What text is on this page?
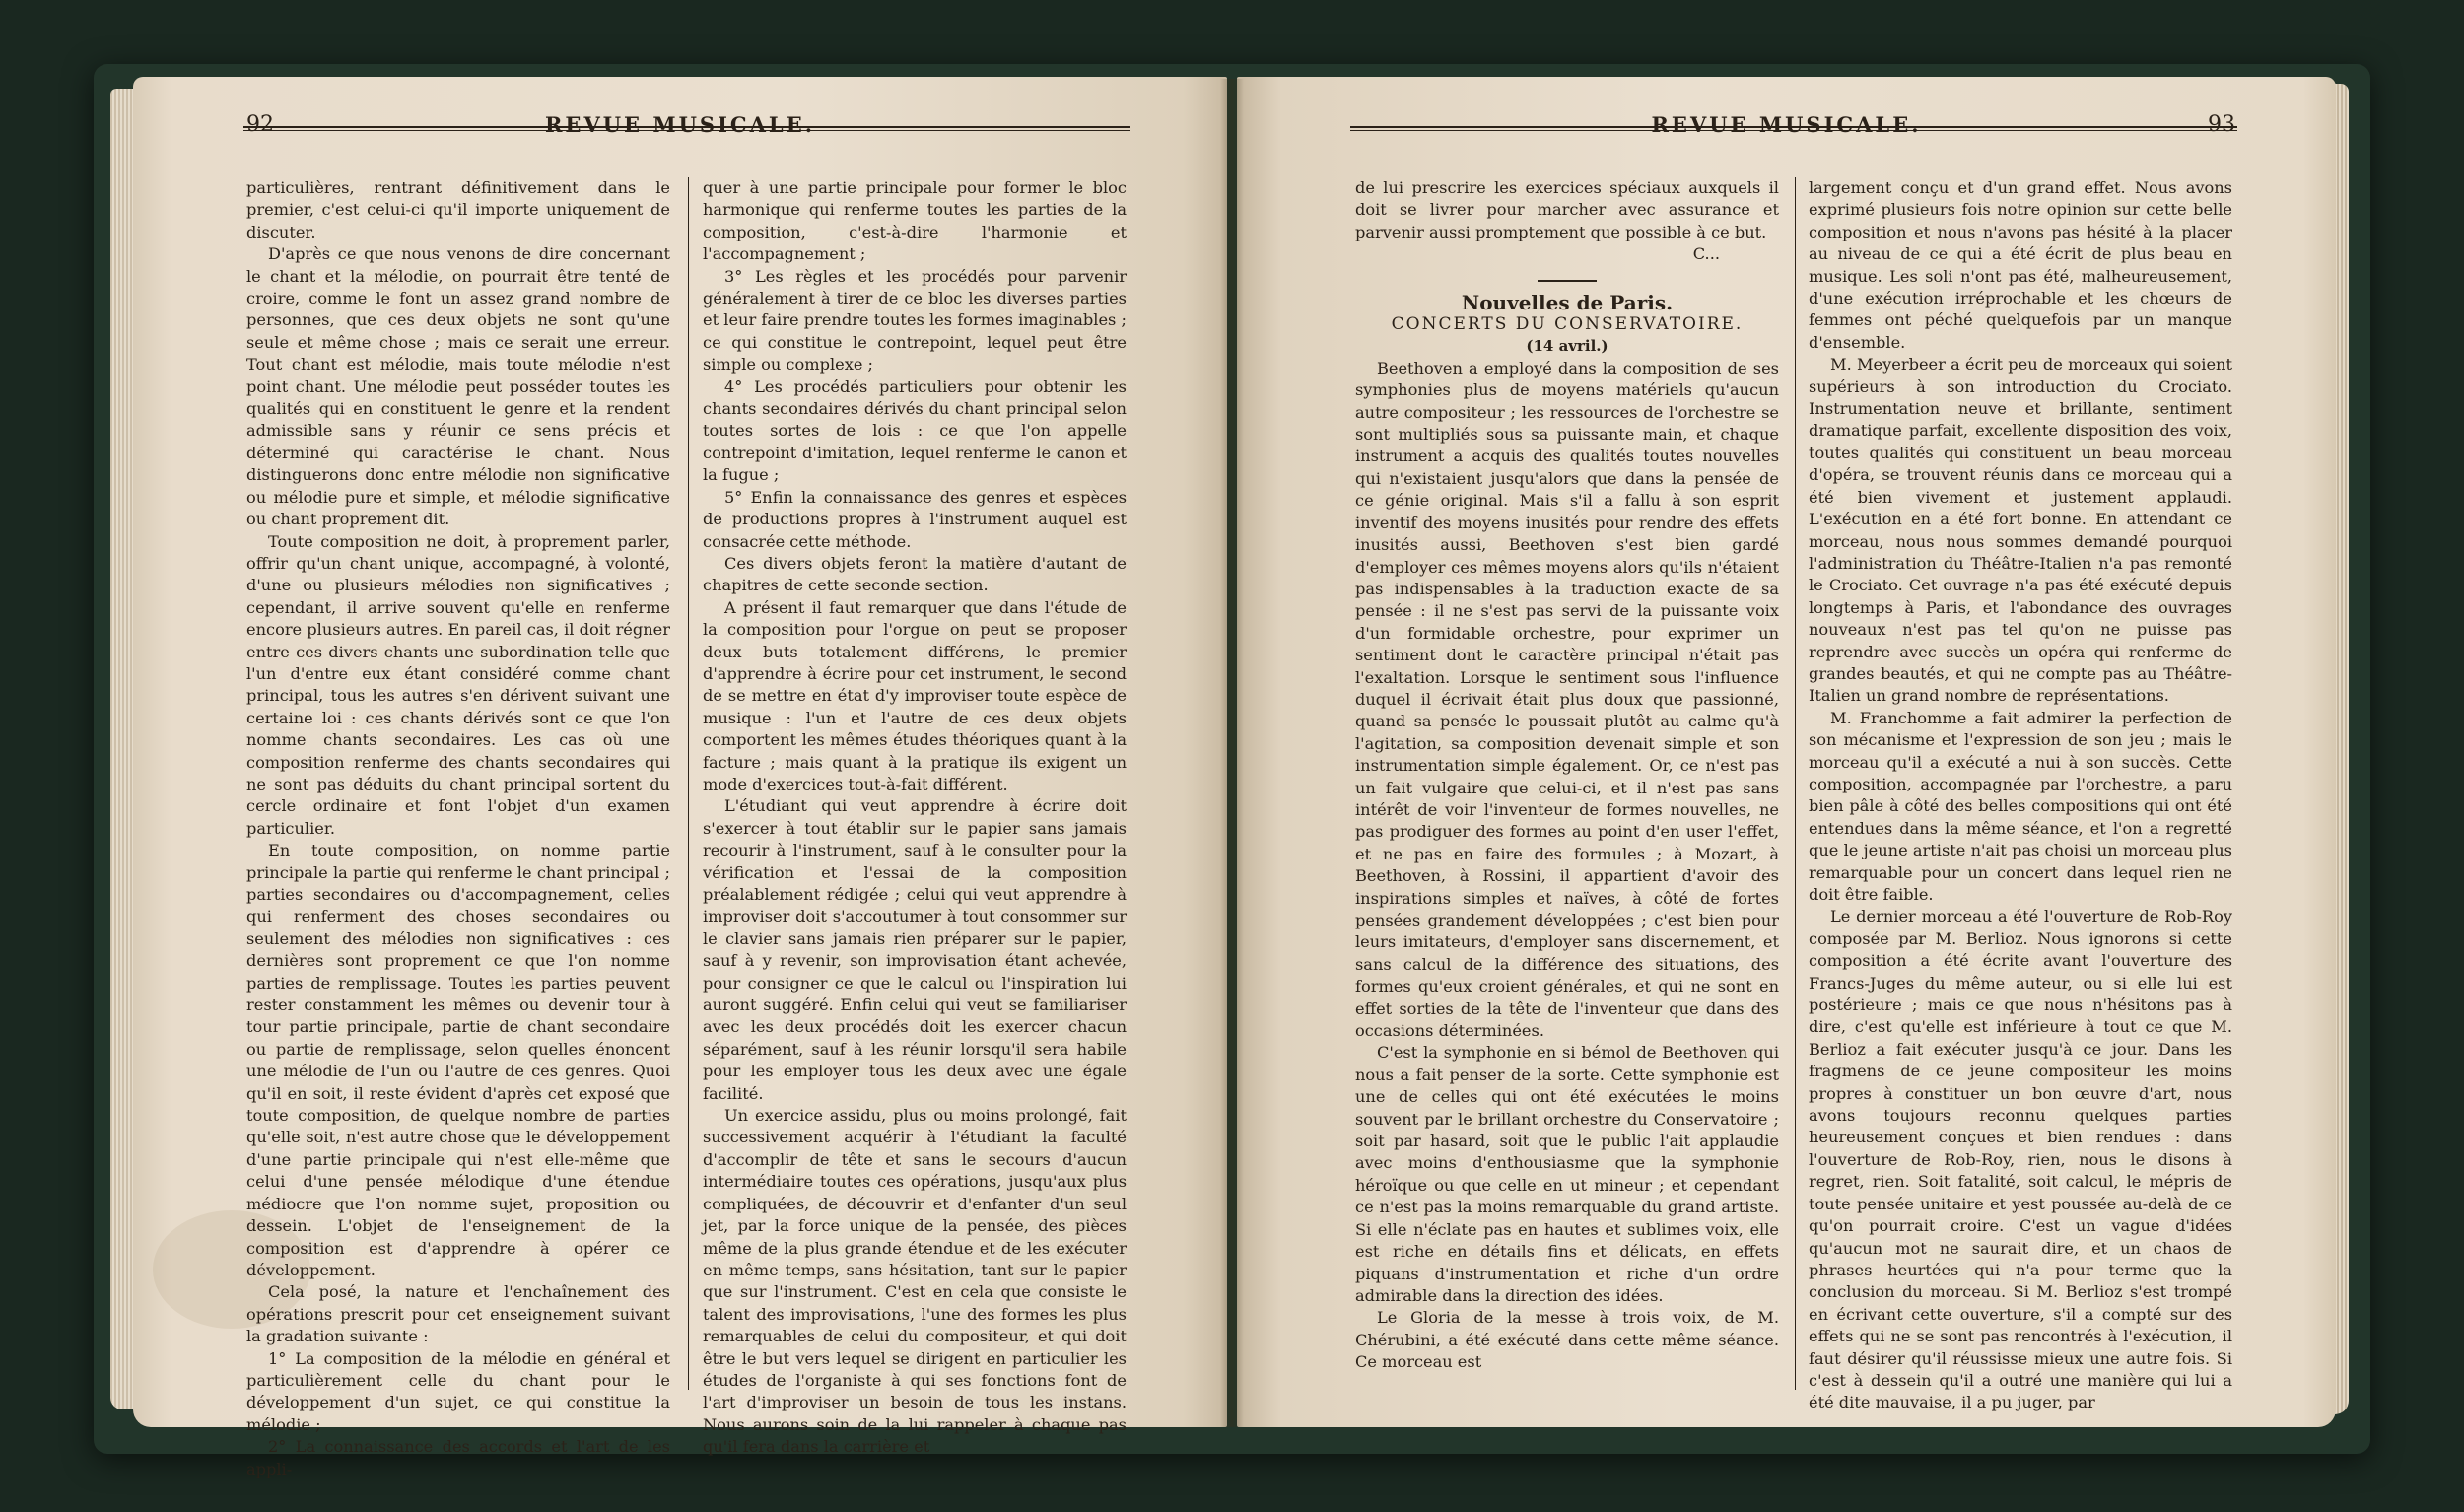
92	REVUE MUSICALE.

particulières, rentrant définitivement dans le premier, c'est celui-ci qu'il importe uniquement de discuter.

D'après ce que nous venons de dire concernant le chant et la mélodie, on pourrait être tenté de croire, comme le font un assez grand nombre de personnes, que ces deux objets ne sont qu'une seule et même chose ; mais ce serait une erreur. Tout chant est mélodie, mais toute mélodie n'est point chant. Une mélodie peut posséder toutes les qualités qui en constituent le genre et la rendent admissible sans y réunir ce sens précis et déterminé qui caractérise le chant. Nous distinguerons donc entre mélodie non significative ou mélodie pure et simple, et mélodie significative ou chant proprement dit.

Toute composition ne doit, à proprement parler, offrir qu'un chant unique, accompagné, à volonté, d'une ou plusieurs mélodies non significatives ; cependant, il arrive souvent qu'elle en renferme encore plusieurs autres. En pareil cas, il doit régner entre ces divers chants une subordination telle que l'un d'entre eux étant considéré comme chant principal, tous les autres s'en dérivent suivant une certaine loi : ces chants dérivés sont ce que l'on nomme chants secondaires. Les cas où une composition renferme des chants secondaires qui ne sont pas déduits du chant principal sortent du cercle ordinaire et font l'objet d'un examen particulier.

En toute composition, on nomme partie principale la partie qui renferme le chant principal ; parties secondaires ou d'accompagnement, celles qui renferment des choses secondaires ou seulement des mélodies non significatives : ces dernières sont proprement ce que l'on nomme parties de remplissage. Toutes les parties peuvent rester constamment les mêmes ou devenir tour à tour partie principale, partie de chant secondaire ou partie de remplissage, selon quelles énoncent une mélodie de l'un ou l'autre de ces genres. Quoi qu'il en soit, il reste évident d'après cet exposé que toute composition, de quelque nombre de parties qu'elle soit, n'est autre chose que le développement d'une partie principale qui n'est elle-même que celui d'une pensée mélodique d'une étendue médiocre que l'on nomme sujet, proposition ou dessein. L'objet de l'enseignement de la composition est d'apprendre à opérer ce développement.

Cela posé, la nature et l'enchaînement des opérations prescrit pour cet enseignement suivant la gradation suivante :

1° La composition de la mélodie en général et particulièrement celle du chant pour le développement d'un sujet, ce qui constitue la mélodie ;

2° La connaissance des accords et l'art de les appli-

quer à une partie principale pour former le bloc harmonique qui renferme toutes les parties de la composition, c'est-à-dire l'harmonie et l'accompagnement ;

3° Les règles et les procédés pour parvenir généralement à tirer de ce bloc les diverses parties et leur faire prendre toutes les formes imaginables ; ce qui constitue le contrepoint, lequel peut être simple ou complexe ;

4° Les procédés particuliers pour obtenir les chants secondaires dérivés du chant principal selon toutes sortes de lois : ce que l'on appelle contrepoint d'imitation, lequel renferme le canon et la fugue ;

5° Enfin la connaissance des genres et espèces de productions propres à l'instrument auquel est consacrée cette méthode.

Ces divers objets feront la matière d'autant de chapitres de cette seconde section.

A présent il faut remarquer que dans l'étude de la composition pour l'orgue on peut se proposer deux buts totalement différens, le premier d'apprendre à écrire pour cet instrument, le second de se mettre en état d'y improviser toute espèce de musique : l'un et l'autre de ces deux objets comportent les mêmes études théoriques quant à la facture ; mais quant à la pratique ils exigent un mode d'exercices tout-à-fait différent.

L'étudiant qui veut apprendre à écrire doit s'exercer à tout établir sur le papier sans jamais recourir à l'instrument, sauf à le consulter pour la vérification et l'essai de la composition préalablement rédigée ; celui qui veut apprendre à improviser doit s'accoutumer à tout consommer sur le clavier sans jamais rien préparer sur le papier, sauf à y revenir, son improvisation étant achevée, pour consigner ce que le calcul ou l'inspiration lui auront suggéré. Enfin celui qui veut se familiariser avec les deux procédés doit les exercer chacun séparément, sauf à les réunir lorsqu'il sera habile pour les employer tous les deux avec une égale facilité.

Un exercice assidu, plus ou moins prolongé, fait successivement acquérir à l'étudiant la faculté d'accomplir de tête et sans le secours d'aucun intermédiaire toutes ces opérations, jusqu'aux plus compliquées, de découvrir et d'enfanter d'un seul jet, par la force unique de la pensée, des pièces même de la plus grande étendue et de les exécuter en même temps, sans hésitation, tant sur le papier que sur l'instrument. C'est en cela que consiste le talent des improvisations, l'une des formes les plus remarquables de celui du compositeur, et qui doit être le but vers lequel se dirigent en particulier les études de l'organiste à qui ses fonctions font de l'art d'improviser un besoin de tous les instans. Nous aurons soin de la lui rappeler à chaque pas qu'il fera dans la carrière et

REVUE MUSICALE.	93

de lui prescrire les exercices spéciaux auxquels il doit se livrer pour marcher avec assurance et parvenir aussi promptement que possible à ce but.

C...

Nouvelles de Paris.

CONCERTS DU CONSERVATOIRE.

(14 avril.)

Beethoven a employé dans la composition de ses symphonies plus de moyens matériels qu'aucun autre compositeur ; les ressources de l'orchestre se sont multipliés sous sa puissante main, et chaque instrument a acquis des qualités toutes nouvelles qui n'existaient jusqu'alors que dans la pensée de ce génie original. Mais s'il a fallu à son esprit inventif des moyens inusités pour rendre des effets inusités aussi, Beethoven s'est bien gardé d'employer ces mêmes moyens alors qu'ils n'étaient pas indispensables à la traduction exacte de sa pensée : il ne s'est pas servi de la puissante voix d'un formidable orchestre, pour exprimer un sentiment dont le caractère principal n'était pas l'exaltation. Lorsque le sentiment sous l'influence duquel il écrivait était plus doux que passionné, quand sa pensée le poussait plutôt au calme qu'à l'agitation, sa composition devenait simple et son instrumentation simple également. Or, ce n'est pas un fait vulgaire que celui-ci, et il n'est pas sans intérêt de voir l'inventeur de formes nouvelles, ne pas prodiguer des formes au point d'en user l'effet, et ne pas en faire des formules ; à Mozart, à Beethoven, à Rossini, il appartient d'avoir des inspirations simples et naïves, à côté de fortes pensées grandement développées ; c'est bien pour leurs imitateurs, d'employer sans discernement, et sans calcul de la différence des situations, des formes qu'eux croient générales, et qui ne sont en effet sorties de la tête de l'inventeur que dans des occasions déterminées.

C'est la symphonie en si bémol de Beethoven qui nous a fait penser de la sorte. Cette symphonie est une de celles qui ont été exécutées le moins souvent par le brillant orchestre du Conservatoire ; soit par hasard, soit que le public l'ait applaudie avec moins d'enthousiasme que la symphonie héroïque ou que celle en ut mineur ; et cependant ce n'est pas la moins remarquable du grand artiste. Si elle n'éclate pas en hautes et sublimes voix, elle est riche en détails fins et délicats, en effets piquans d'instrumentation et riche d'un ordre admirable dans la direction des idées.

Le Gloria de la messe à trois voix, de M. Chérubini, a été exécuté dans cette même séance. Ce morceau est

largement conçu et d'un grand effet. Nous avons exprimé plusieurs fois notre opinion sur cette belle composition et nous n'avons pas hésité à la placer au niveau de ce qui a été écrit de plus beau en musique. Les soli n'ont pas été, malheureusement, d'une exécution irréprochable et les chœurs de femmes ont péché quelquefois par un manque d'ensemble.

M. Meyerbeer a écrit peu de morceaux qui soient supérieurs à son introduction du Crociato. Instrumentation neuve et brillante, sentiment dramatique parfait, excellente disposition des voix, toutes qualités qui constituent un beau morceau d'opéra, se trouvent réunis dans ce morceau qui a été bien vivement et justement applaudi. L'exécution en a été fort bonne. En attendant ce morceau, nous nous sommes demandé pourquoi l'administration du Théâtre-Italien n'a pas remonté le Crociato. Cet ouvrage n'a pas été exécuté depuis longtemps à Paris, et l'abondance des ouvrages nouveaux n'est pas tel qu'on ne puisse pas reprendre avec succès un opéra qui renferme de grandes beautés, et qui ne compte pas au Théâtre-Italien un grand nombre de représentations.

M. Franchomme a fait admirer la perfection de son mécanisme et l'expression de son jeu ; mais le morceau qu'il a exécuté a nui à son succès. Cette composition, accompagnée par l'orchestre, a paru bien pâle à côté des belles compositions qui ont été entendues dans la même séance, et l'on a regretté que le jeune artiste n'ait pas choisi un morceau plus remarquable pour un concert dans lequel rien ne doit être faible.

Le dernier morceau a été l'ouverture de Rob-Roy composée par M. Berlioz. Nous ignorons si cette composition a été écrite avant l'ouverture des Francs-Juges du même auteur, ou si elle lui est postérieure ; mais ce que nous n'hésitons pas à dire, c'est qu'elle est inférieure à tout ce que M. Berlioz a fait exécuter jusqu'à ce jour. Dans les fragmens de ce jeune compositeur les moins propres à constituer un bon œuvre d'art, nous avons toujours reconnu quelques parties heureusement conçues et bien rendues : dans l'ouverture de Rob-Roy, rien, nous le disons à regret, rien. Soit fatalité, soit calcul, le mépris de toute pensée unitaire et yest poussée au-delà de ce qu'on pourrait croire. C'est un vague d'idées qu'aucun mot ne saurait dire, et un chaos de phrases heurtées qui n'a pour terme que la conclusion du morceau. Si M. Berlioz s'est trompé en écrivant cette ouverture, s'il a compté sur des effets qui ne se sont pas rencontrés à l'exécution, il faut désirer qu'il réussisse mieux une autre fois. Si c'est à dessein qu'il a outré une manière qui lui a été dite mauvaise, il a pu juger, par
